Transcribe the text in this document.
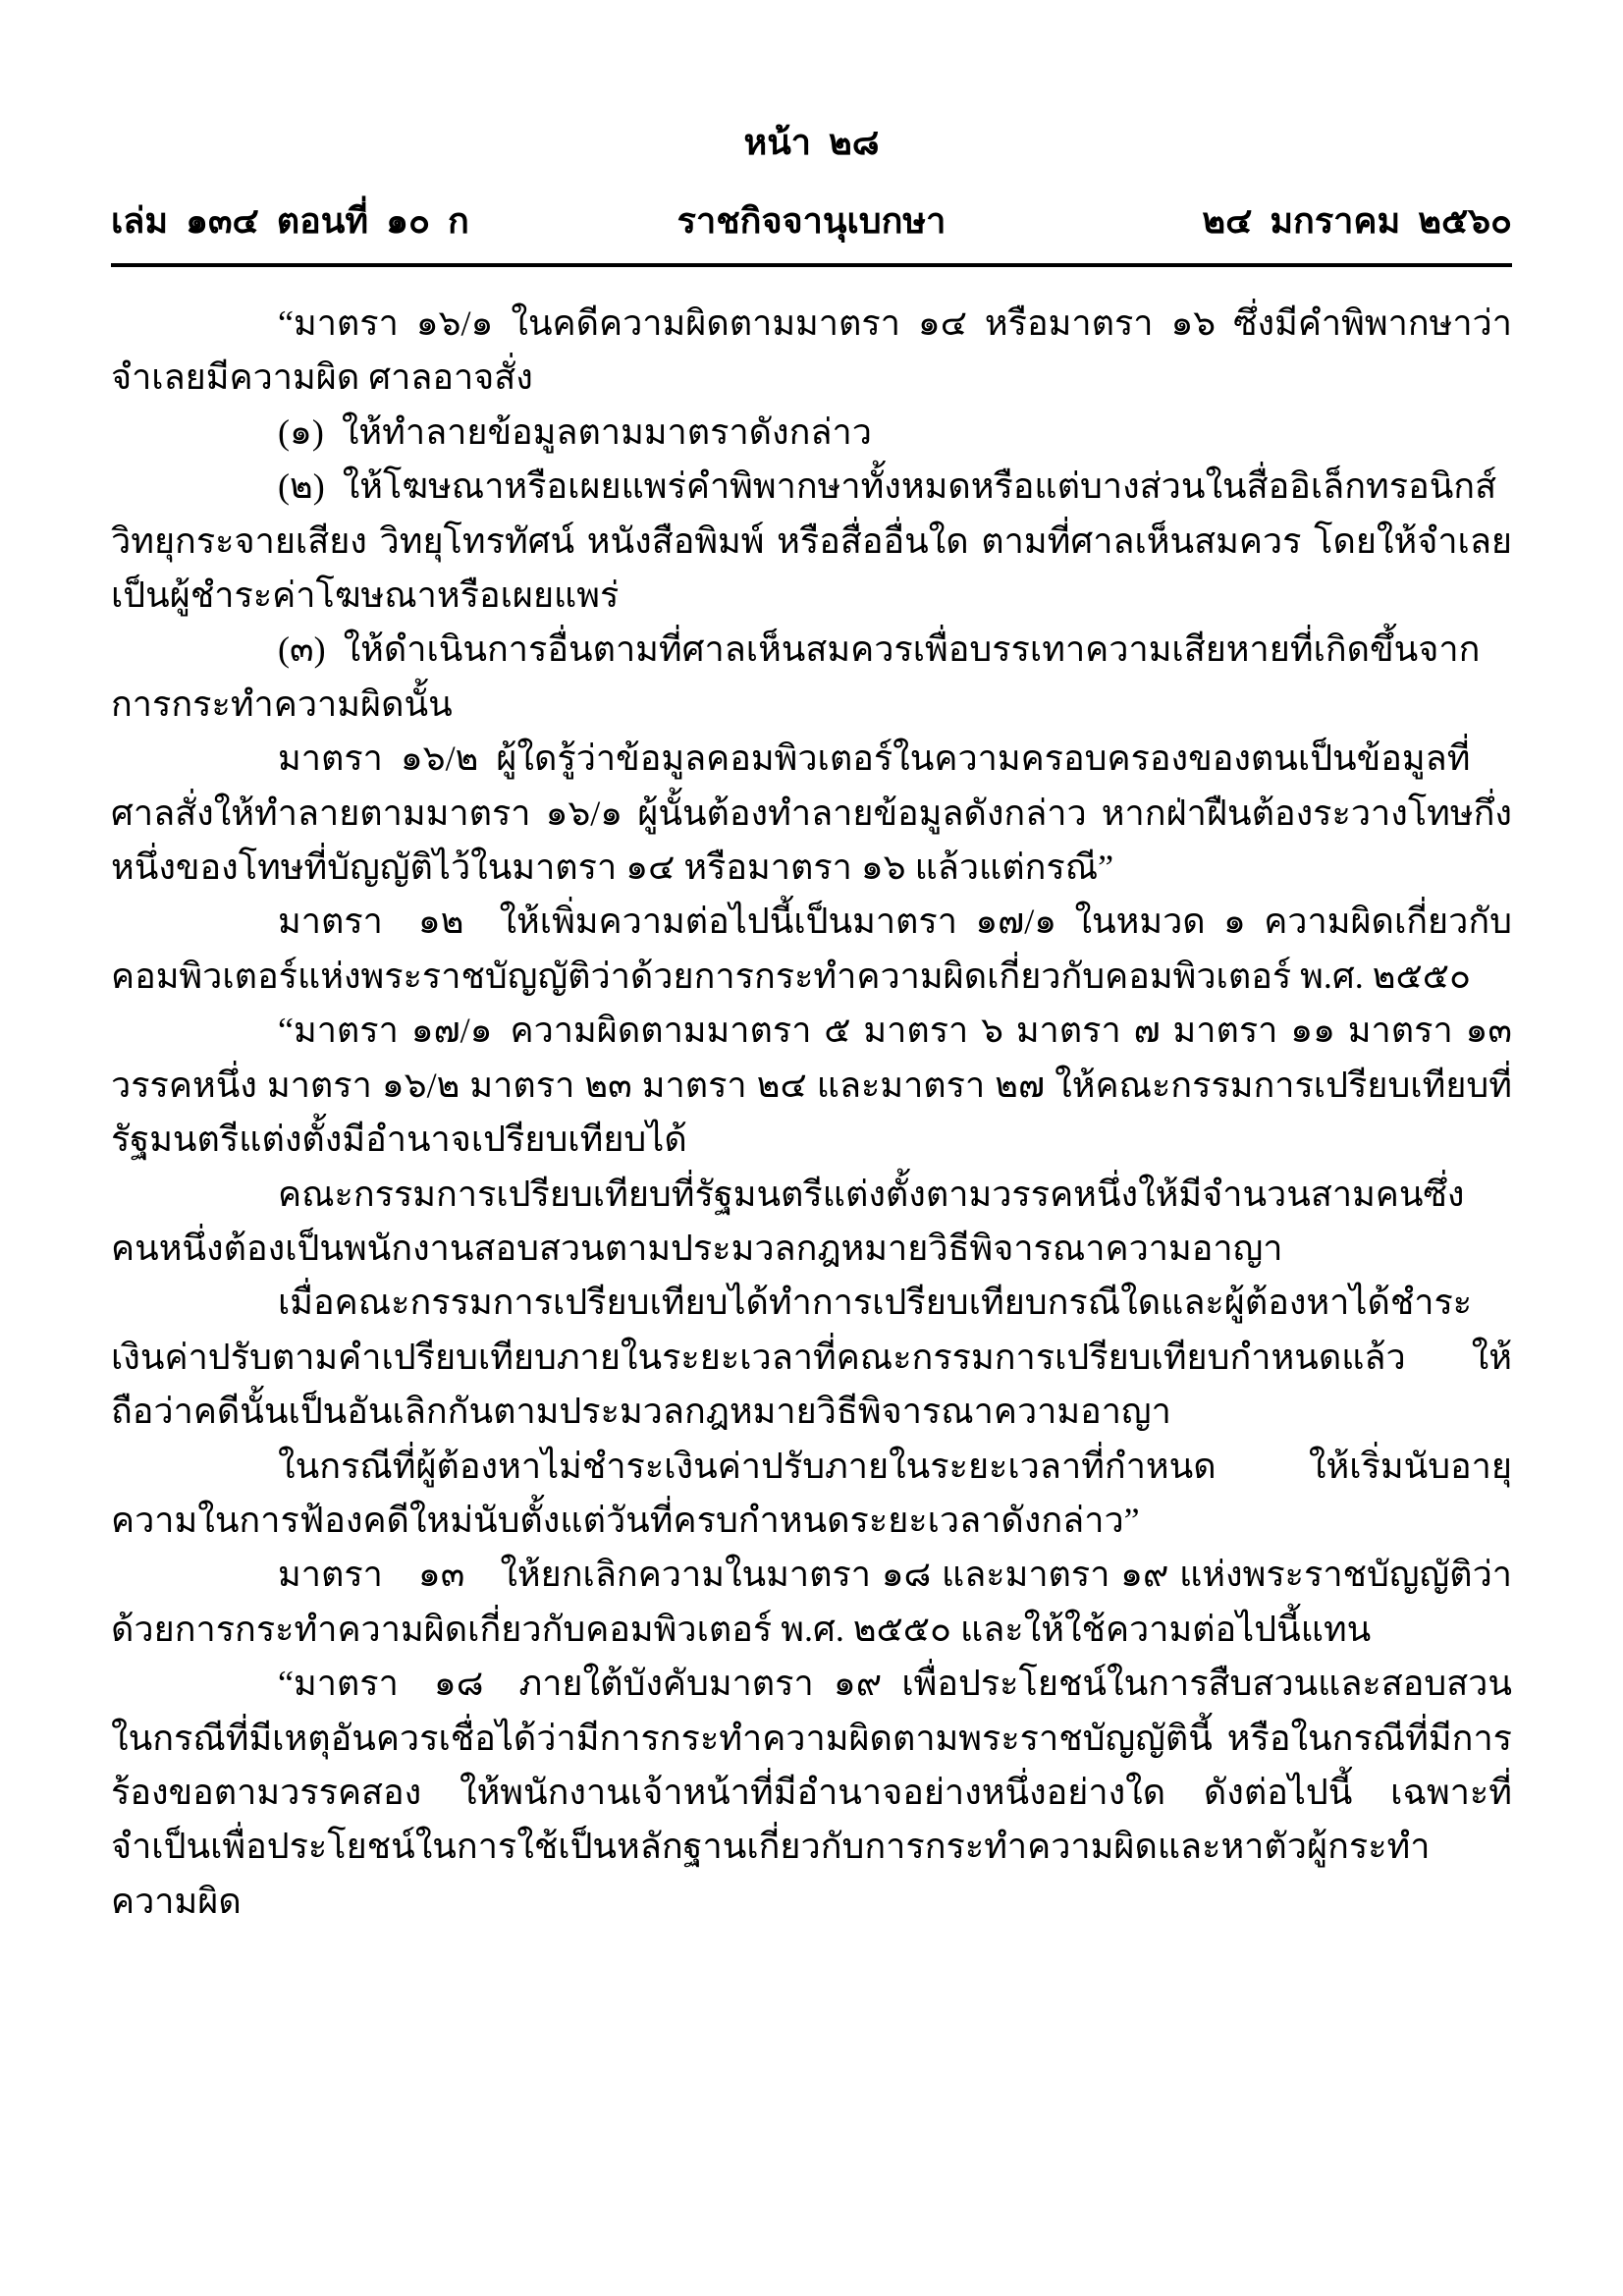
หน้า ๒๘
เล่ม ๑๓๔ ตอนที่ ๑๐ ก	ราชกิจจานุเบกษา	๒๔ มกราคม ๒๕๖๐

“มาตรา ๑๖/๑ ในคดีความผิดตามมาตรา ๑๔ หรือมาตรา ๑๖ ซึ่งมีคำพิพากษาว่าจำเลยมีความผิด ศาลอาจสั่ง

(๑) ให้ทำลายข้อมูลตามมาตราดังกล่าว

(๒) ให้โฆษณาหรือเผยแพร่คำพิพากษาทั้งหมดหรือแต่บางส่วนในสื่ออิเล็กทรอนิกส์ วิทยุกระจายเสียง วิทยุโทรทัศน์ หนังสือพิมพ์ หรือสื่ออื่นใด ตามที่ศาลเห็นสมควร โดยให้จำเลยเป็นผู้ชำระค่าโฆษณาหรือเผยแพร่

(๓) ให้ดำเนินการอื่นตามที่ศาลเห็นสมควรเพื่อบรรเทาความเสียหายที่เกิดขึ้นจากการกระทำความผิดนั้น

มาตรา ๑๖/๒ ผู้ใดรู้ว่าข้อมูลคอมพิวเตอร์ในความครอบครองของตนเป็นข้อมูลที่ศาลสั่งให้ทำลายตามมาตรา ๑๖/๑ ผู้นั้นต้องทำลายข้อมูลดังกล่าว หากฝ่าฝืนต้องระวางโทษกึ่งหนึ่งของโทษที่บัญญัติไว้ในมาตรา ๑๔ หรือมาตรา ๑๖ แล้วแต่กรณี”

มาตรา ๑๒ ให้เพิ่มความต่อไปนี้เป็นมาตรา ๑๗/๑ ในหมวด ๑ ความผิดเกี่ยวกับคอมพิวเตอร์แห่งพระราชบัญญัติว่าด้วยการกระทำความผิดเกี่ยวกับคอมพิวเตอร์ พ.ศ. ๒๕๕๐

“มาตรา ๑๗/๑ ความผิดตามมาตรา ๕ มาตรา ๖ มาตรา ๗ มาตรา ๑๑ มาตรา ๑๓ วรรคหนึ่ง มาตรา ๑๖/๒ มาตรา ๒๓ มาตรา ๒๔ และมาตรา ๒๗ ให้คณะกรรมการเปรียบเทียบที่รัฐมนตรีแต่งตั้งมีอำนาจเปรียบเทียบได้

คณะกรรมการเปรียบเทียบที่รัฐมนตรีแต่งตั้งตามวรรคหนึ่งให้มีจำนวนสามคนซึ่งคนหนึ่งต้องเป็นพนักงานสอบสวนตามประมวลกฎหมายวิธีพิจารณาความอาญา

เมื่อคณะกรรมการเปรียบเทียบได้ทำการเปรียบเทียบกรณีใดและผู้ต้องหาได้ชำระเงินค่าปรับตามคำเปรียบเทียบภายในระยะเวลาที่คณะกรรมการเปรียบเทียบกำหนดแล้ว ให้ถือว่าคดีนั้นเป็นอันเลิกกันตามประมวลกฎหมายวิธีพิจารณาความอาญา

ในกรณีที่ผู้ต้องหาไม่ชำระเงินค่าปรับภายในระยะเวลาที่กำหนด ให้เริ่มนับอายุความในการฟ้องคดีใหม่นับตั้งแต่วันที่ครบกำหนดระยะเวลาดังกล่าว”

มาตรา ๑๓ ให้ยกเลิกความในมาตรา ๑๘ และมาตรา ๑๙ แห่งพระราชบัญญัติว่าด้วยการกระทำความผิดเกี่ยวกับคอมพิวเตอร์ พ.ศ. ๒๕๕๐ และให้ใช้ความต่อไปนี้แทน

“มาตรา ๑๘ ภายใต้บังคับมาตรา ๑๙ เพื่อประโยชน์ในการสืบสวนและสอบสวนในกรณีที่มีเหตุอันควรเชื่อได้ว่ามีการกระทำความผิดตามพระราชบัญญัตินี้ หรือในกรณีที่มีการร้องขอตามวรรคสอง ให้พนักงานเจ้าหน้าที่มีอำนาจอย่างหนึ่งอย่างใด ดังต่อไปนี้ เฉพาะที่จำเป็นเพื่อประโยชน์ในการใช้เป็นหลักฐานเกี่ยวกับการกระทำความผิดและหาตัวผู้กระทำความผิด
